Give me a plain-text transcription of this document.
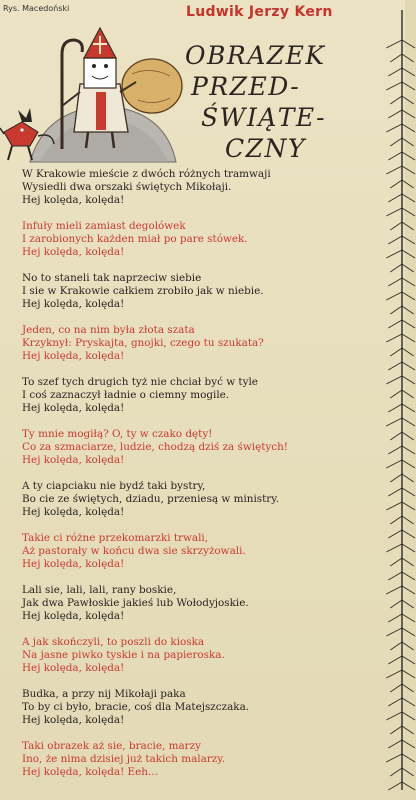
Rys. Macedoński	Ludwik Jerzy Kern
OBRAZEK
PRZED-
ŚWIĄTE-
CZNY
W Krakowie mieście z dwóch różnych tramwaji
Wysiedli dwa orszaki świętych Mikołaji.
Hej kolęda, kolęda!
Infuły mieli zamiast degolówek
I zarobionych każden miał po pare stówek.
Hej kolęda, kolęda!
No to staneli tak naprzeciw siebie
I sie w Krakowie całkiem zrobiło jak w niebie.
Hej kolęda, kolęda!
Jeden, co na nim była złota szata
Krzyknył: Pryskajta, gnojki, czego tu szukata?
Hej kolęda, kolęda!
To szef tych drugich tyż nie chciał być w tyle
I coś zaznaczył ładnie o ciemny mogile.
Hej kolęda, kolęda!
Ty mnie mogiłą? O, ty w czako dęty!
Co za szmaciarze, ludzie, chodzą dziś za świętych!
Hej kolęda, kolęda!
A ty ciapciaku nie bydź taki bystry,
Bo cie ze świętych, dziadu, przeniesą w ministry.
Hej kolęda, kolęda!
Takie ci różne przekomarzki trwali,
Aż pastorały w końcu dwa sie skrzyżowali.
Hej kolęda, kolęda!
Lali sie, lali, lali, rany boskie,
Jak dwa Pawłoskie jakieś lub Wołodyjoskie.
Hej kolęda, kolęda!
A jak skończyli, to poszli do kioska
Na jasne piwko tyskie i na papieroska.
Hej kolęda, kolęda!
Budka, a przy nij Mikołaji paka
To by ci było, bracie, coś dla Matejszczaka.
Hej kolęda, kolęda!
Taki obrazek aż sie, bracie, marzy
Ino, że nima dzisiej już takich malarzy.
Hej kolęda, kolęda! Eeh...
